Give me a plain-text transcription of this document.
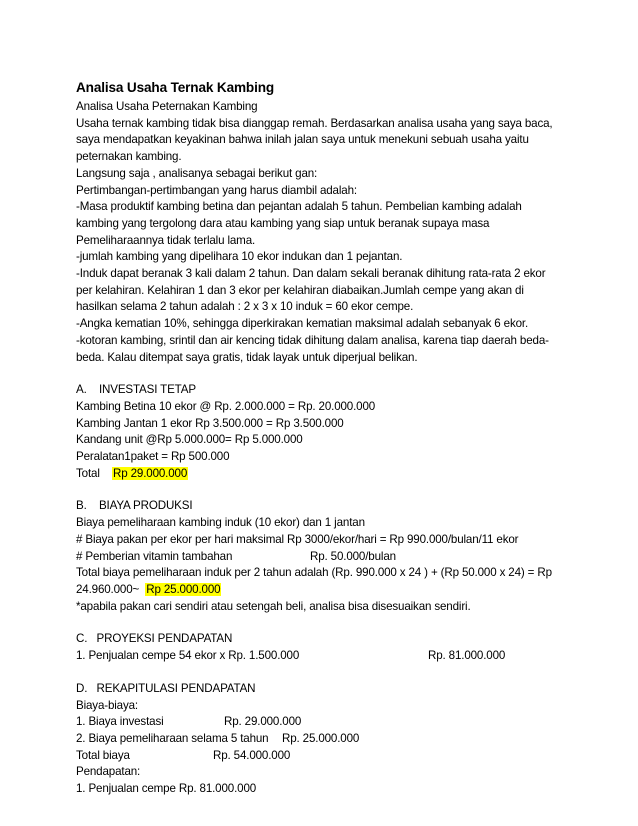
Analisa Usaha Ternak Kambing
Analisa Usaha Peternakan Kambing
Usaha ternak kambing tidak bisa dianggap remah. Berdasarkan analisa usaha yang saya baca,
saya mendapatkan keyakinan bahwa inilah jalan saya untuk menekuni sebuah usaha yaitu
peternakan kambing.
Langsung saja , analisanya sebagai berikut gan:
Pertimbangan-pertimbangan yang harus diambil adalah:
-Masa produktif kambing betina dan pejantan adalah 5 tahun. Pembelian kambing adalah
kambing yang tergolong dara atau kambing yang siap untuk beranak supaya masa
Pemeliharaannya tidak terlalu lama.
-jumlah kambing yang dipelihara 10 ekor indukan dan 1 pejantan.
-Induk dapat beranak 3 kali dalam 2 tahun. Dan dalam sekali beranak dihitung rata-rata 2 ekor
per kelahiran. Kelahiran 1 dan 3 ekor per kelahiran diabaikan.Jumlah cempe yang akan di
hasilkan selama 2 tahun adalah : 2 x 3 x 10 induk = 60 ekor cempe.
-Angka kematian 10%, sehingga diperkirakan kematian maksimal adalah sebanyak 6 ekor.
-kotoran kambing, srintil dan air kencing tidak dihitung dalam analisa, karena tiap daerah beda-
beda. Kalau ditempat saya gratis, tidak layak untuk diperjual belikan.
A.    INVESTASI TETAP
Kambing Betina 10 ekor @ Rp. 2.000.000 = Rp. 20.000.000
Kambing Jantan 1 ekor Rp 3.500.000 = Rp 3.500.000
Kandang unit @Rp 5.000.000= Rp 5.000.000
Peralatan1paket = Rp 500.000
Total    Rp 29.000.000
B.    BIAYA PRODUKSI
Biaya pemeliharaan kambing induk (10 ekor) dan 1 jantan
# Biaya pakan per ekor per hari maksimal Rp 3000/ekor/hari = Rp 990.000/bulan/11 ekor
# Pemberian vitamin tambahan	Rp. 50.000/bulan
Total biaya pemeliharaan induk per 2 tahun adalah (Rp. 990.000 x 24 ) + (Rp 50.000 x 24) = Rp
24.960.000~  Rp 25.000.000
*apabila pakan cari sendiri atau setengah beli, analisa bisa disesuaikan sendiri.
C.   PROYEKSI PENDAPATAN
1. Penjualan cempe 54 ekor x Rp. 1.500.000	Rp. 81.000.000
D.   REKAPITULASI PENDAPATAN
Biaya-biaya:
1. Biaya investasi	Rp. 29.000.000
2. Biaya pemeliharaan selama 5 tahun Rp. 25.000.000
Total biaya	Rp. 54.000.000
Pendapatan:
1. Penjualan cempe Rp. 81.000.000
